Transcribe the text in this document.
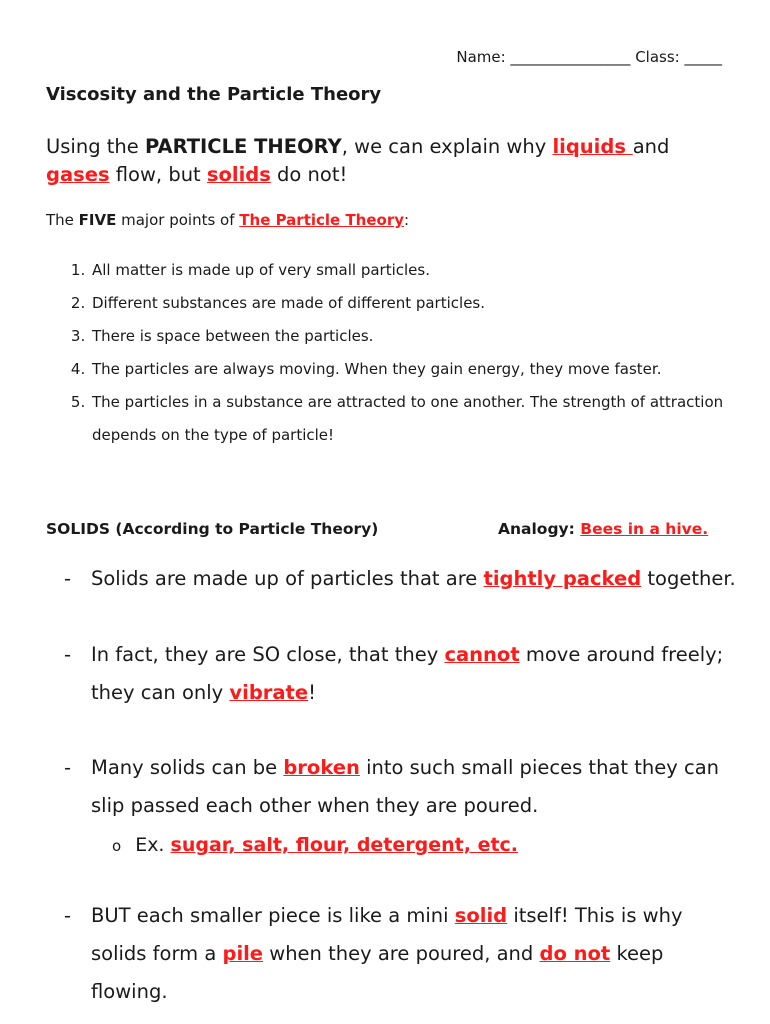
Name: ________________ Class: _____
Viscosity and the Particle Theory
Using the PARTICLE THEORY, we can explain why liquids and gases flow, but solids do not!
The FIVE major points of The Particle Theory:
1. All matter is made up of very small particles.
2. Different substances are made of different particles.
3. There is space between the particles.
4. The particles are always moving. When they gain energy, they move faster.
5. The particles in a substance are attracted to one another. The strength of attraction depends on the type of particle!
SOLIDS (According to Particle Theory)	Analogy: Bees in a hive.
-	Solids are made up of particles that are tightly packed together.
-	In fact, they are SO close, that they cannot move around freely; they can only vibrate!
-	Many solids can be broken into such small pieces that they can slip passed each other when they are poured.
o Ex. sugar, salt, flour, detergent, etc.
-	BUT each smaller piece is like a mini solid itself! This is why solids form a pile when they are poured, and do not keep flowing.
